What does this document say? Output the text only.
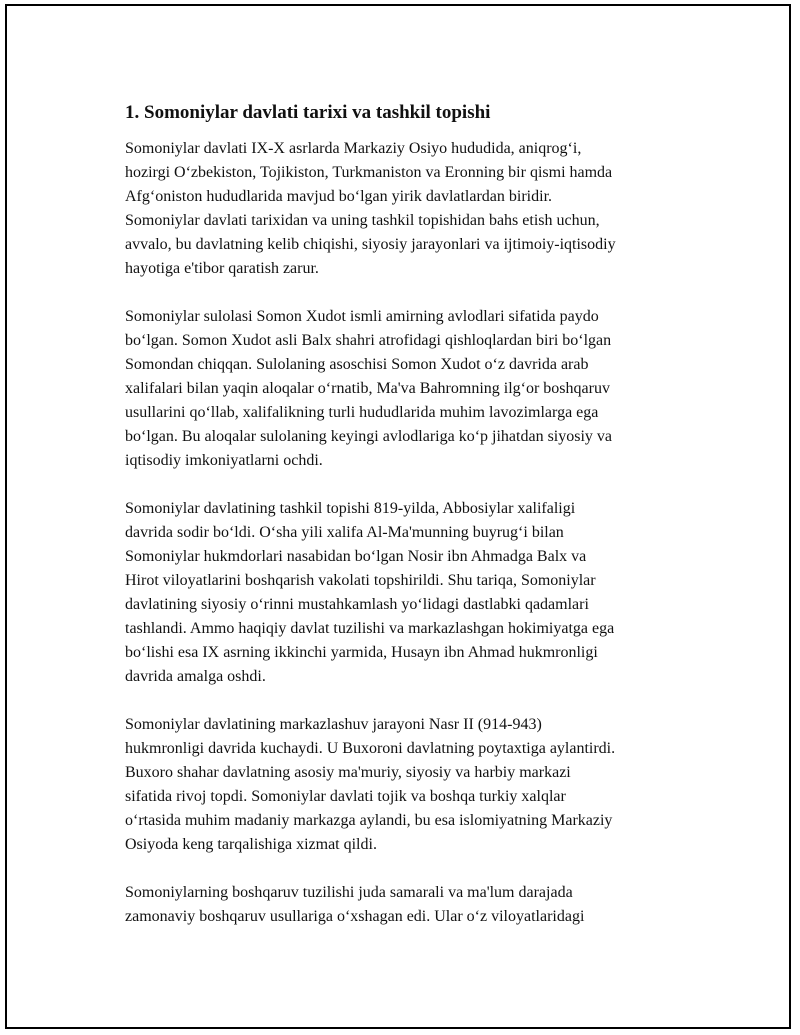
1. Somoniylar davlati tarixi va tashkil topishi

Somoniylar davlati IX-X asrlarda Markaziy Osiyo hududida, aniqrog‘i,
hozirgi O‘zbekiston, Tojikiston, Turkmaniston va Eronning bir qismi hamda
Afg‘oniston hududlarida mavjud bo‘lgan yirik davlatlardan biridir.
Somoniylar davlati tarixidan va uning tashkil topishidan bahs etish uchun,
avvalo, bu davlatning kelib chiqishi, siyosiy jarayonlari va ijtimoiy-iqtisodiy
hayotiga e'tibor qaratish zarur.

Somoniylar sulolasi Somon Xudot ismli amirning avlodlari sifatida paydo
bo‘lgan. Somon Xudot asli Balx shahri atrofidagi qishloqlardan biri bo‘lgan
Somondan chiqqan. Sulolaning asoschisi Somon Xudot o‘z davrida arab
xalifalari bilan yaqin aloqalar o‘rnatib, Ma'va Bahromning ilg‘or boshqaruv
usullarini qo‘llab, xalifalikning turli hududlarida muhim lavozimlarga ega
bo‘lgan. Bu aloqalar sulolaning keyingi avlodlariga ko‘p jihatdan siyosiy va
iqtisodiy imkoniyatlarni ochdi.

Somoniylar davlatining tashkil topishi 819-yilda, Abbosiylar xalifaligi
davrida sodir bo‘ldi. O‘sha yili xalifa Al-Ma'munning buyrug‘i bilan
Somoniylar hukmdorlari nasabidan bo‘lgan Nosir ibn Ahmadga Balx va
Hirot viloyatlarini boshqarish vakolati topshirildi. Shu tariqa, Somoniylar
davlatining siyosiy o‘rinni mustahkamlash yo‘lidagi dastlabki qadamlari
tashlandi. Ammo haqiqiy davlat tuzilishi va markazlashgan hokimiyatga ega
bo‘lishi esa IX asrning ikkinchi yarmida, Husayn ibn Ahmad hukmronligi
davrida amalga oshdi.

Somoniylar davlatining markazlashuv jarayoni Nasr II (914-943)
hukmronligi davrida kuchaydi. U Buxoroni davlatning poytaxtiga aylantirdi.
Buxoro shahar davlatning asosiy ma'muriy, siyosiy va harbiy markazi
sifatida rivoj topdi. Somoniylar davlati tojik va boshqa turkiy xalqlar
o‘rtasida muhim madaniy markazga aylandi, bu esa islomiyatning Markaziy
Osiyoda keng tarqalishiga xizmat qildi.

Somoniylarning boshqaruv tuzilishi juda samarali va ma'lum darajada
zamonaviy boshqaruv usullariga o‘xshagan edi. Ular o‘z viloyatlaridagi
